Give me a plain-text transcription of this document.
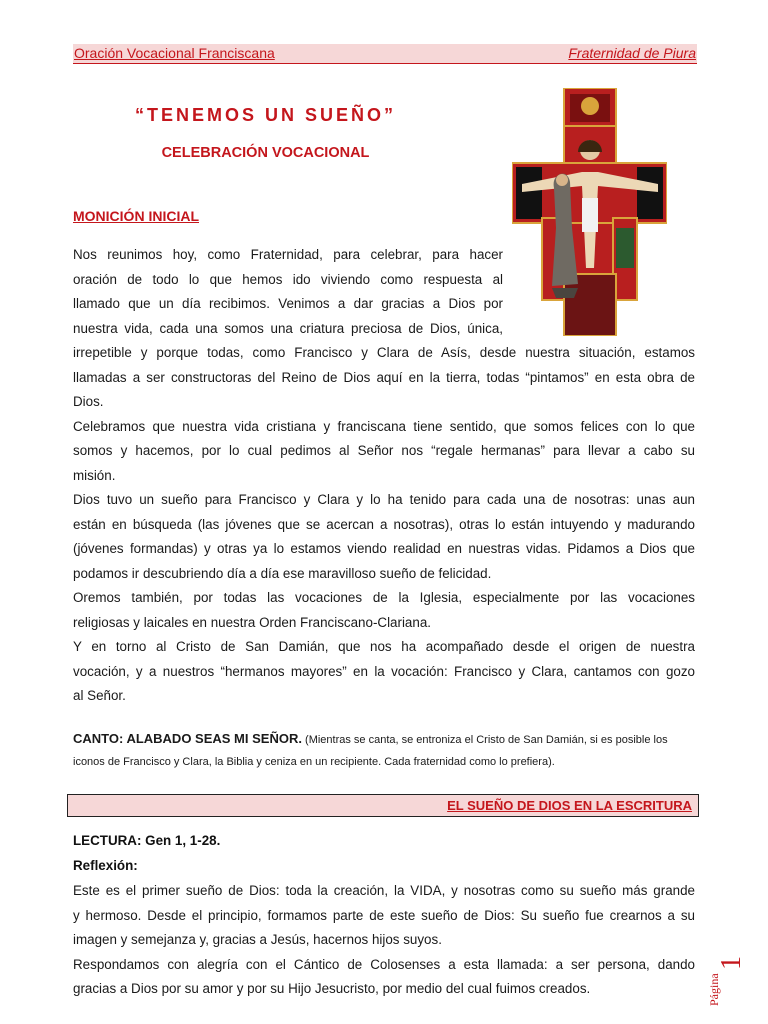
Oración Vocacional Franciscana	Fraternidad de Piura
“TENEMOS UN SUEÑO”
CELEBRACIÓN VOCACIONAL
MONICIÓN INICIAL
Nos reunimos hoy, como Fraternidad, para celebrar, para hacer
oración de todo lo que hemos ido viviendo como respuesta al
llamado que un día recibimos. Venimos a dar gracias a Dios por
nuestra vida, cada una somos una criatura preciosa de Dios, única,
irrepetible y porque todas, como Francisco y Clara de Asís, desde nuestra situación, estamos
llamadas a ser constructoras del Reino de Dios aquí en la tierra, todas “pintamos” en esta obra de
Dios.
Celebramos que nuestra vida cristiana y franciscana tiene sentido, que somos felices con lo que
somos y hacemos, por lo cual pedimos al Señor nos “regale hermanas” para llevar a cabo su
misión.
Dios tuvo un sueño para Francisco y Clara y lo ha tenido para cada una de nosotras: unas aun
están en búsqueda (las jóvenes que se acercan a nosotras), otras lo están intuyendo y madurando
(jóvenes formandas) y otras ya lo estamos viendo realidad en nuestras vidas. Pidamos a Dios que
podamos ir descubriendo día a día ese maravilloso sueño de felicidad.
Oremos también, por todas las vocaciones de la Iglesia, especialmente por las vocaciones
religiosas y laicales en nuestra Orden Franciscano-Clariana.
Y en torno al Cristo de San Damián, que nos ha acompañado desde el origen de nuestra
vocación, y a nuestros “hermanos mayores” en la vocación: Francisco y Clara, cantamos con gozo
al Señor.
CANTO: ALABADO SEAS MI SEÑOR. (Mientras se canta, se entroniza el Cristo de San Damián, si es posible los
iconos de Francisco y Clara, la Biblia y ceniza en un recipiente. Cada fraternidad como lo prefiera).
EL SUEÑO DE DIOS EN LA ESCRITURA
LECTURA: Gen 1, 1-28.
Reflexión:
Este es el primer sueño de Dios: toda la creación, la VIDA, y nosotras como su sueño más grande
y hermoso. Desde el principio, formamos parte de este sueño de Dios: Su sueño fue crearnos a su
imagen y semejanza y, gracias a Jesús, hacernos hijos suyos.
Respondamos con alegría con el Cántico de Colosenses a esta llamada: a ser persona, dando
gracias a Dios por su amor y por su Hijo Jesucristo, por medio del cual fuimos creados.	Página
1
